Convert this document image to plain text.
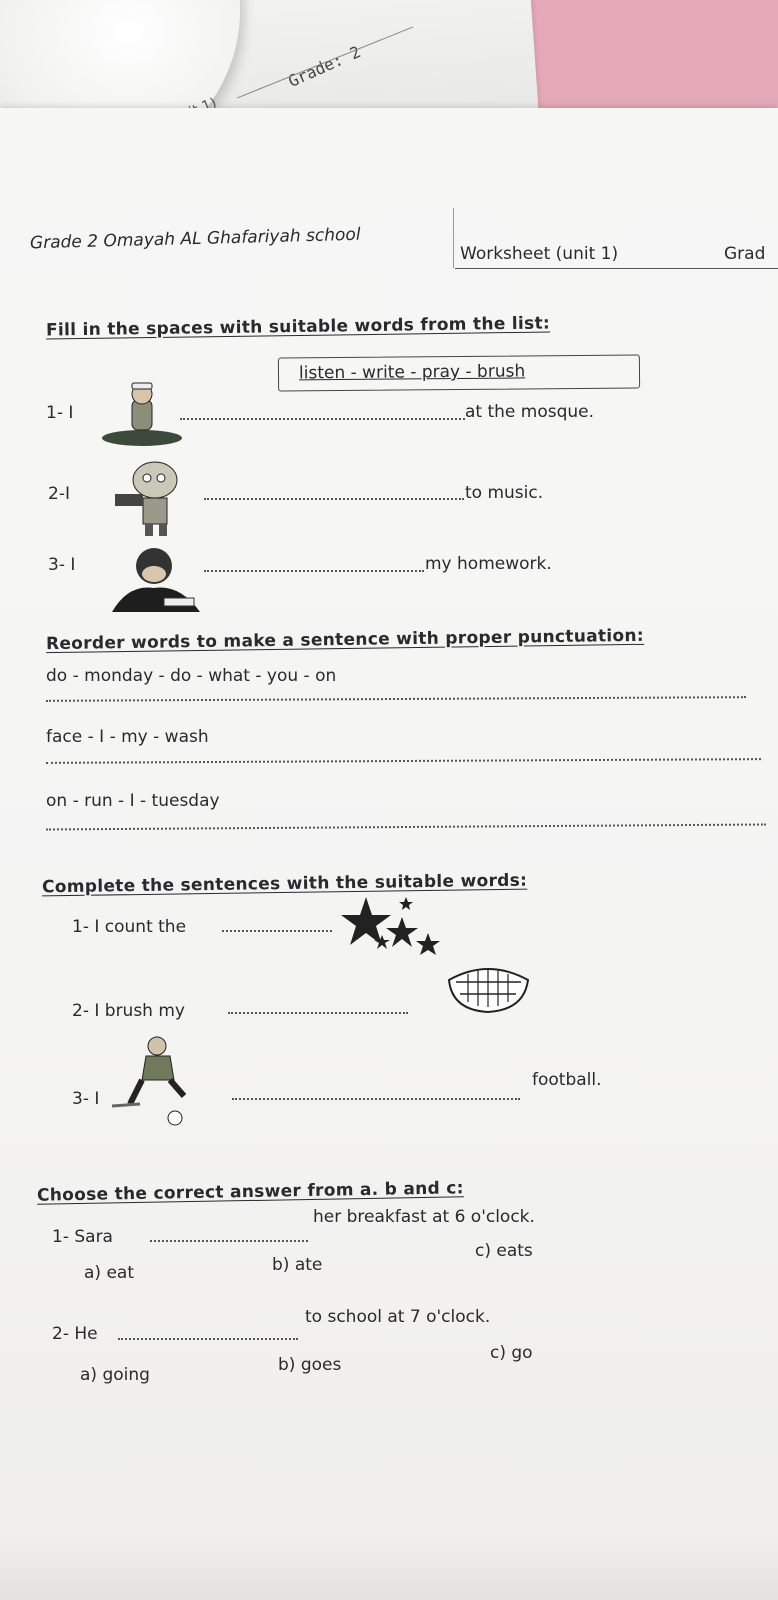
Grade: 2
Grade 2 Omayah AL Ghafariyah school
Worksheet (unit 1)	Grad
Fill in the spaces with suitable words from the list:
listen - write - pray - brush
1- I	at the mosque.
2-I	to music.
3- I	my homework.
Reorder words to make a sentence with proper punctuation:
do - monday - do - what - you - on
face - I - my - wash
on - run - I - tuesday
Complete the sentences with the suitable words:
1- I count the
2- I brush my
3- I
football.
Choose the correct answer from a. b and c:
1- Sara
her breakfast at 6 o'clock.
a) eat	b) ate
c) eats
2- He
to school at 7 o'clock.
a) going	b) goes
c) go
